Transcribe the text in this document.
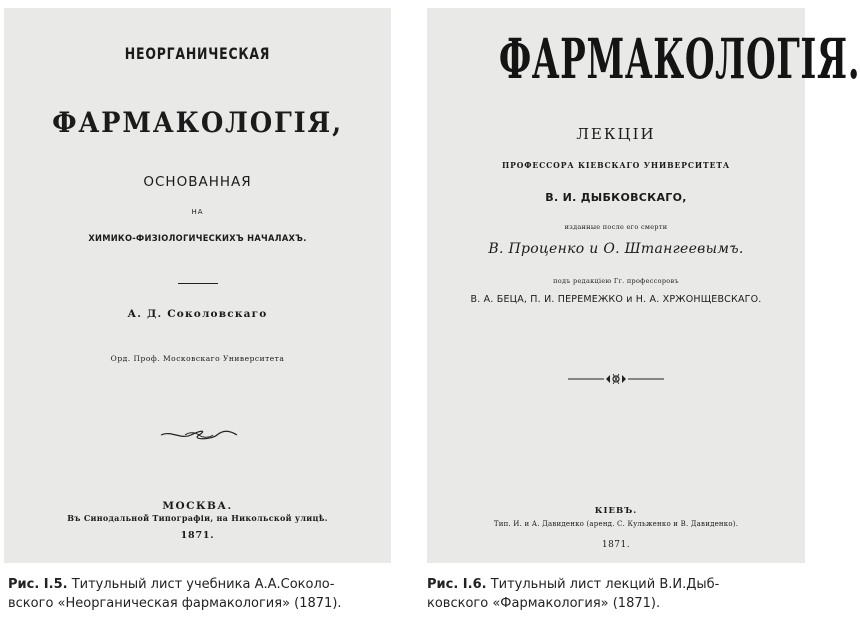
НЕОРГАНИЧЕСКАЯ

ФАРМАКОЛОГІЯ,

ОСНОВАННАЯ

НА

ХИМИКО-ФИЗІОЛОГИЧЕСКИХЪ НАЧАЛАХЪ.

А. Д. Соколовскаго

Орд. Проф. Московскаго Университета

МОСКВА.

Въ Синодальной Типографіи, на Никольской улицѣ.

1871.

ФАРМАКОЛОГІЯ.

ЛЕКЦІИ

ПРОФЕССОРА КІЕВСКАГО УНИВЕРСИТЕТА

В. И. ДЫБКОВСКАГО,

изданные после его смерти

В. Проценко и О. Штангеевымъ.

подъ редакціею Гг. профессоровъ

В. А. БЕЦА, П. И. ПЕРЕМЕЖКО и Н. А. ХРЖОНЩЕВСКАГО.

КІЕВЪ.

Тип. И. и А. Давиденко (аренд. С. Кульженко и В. Давиденко).

1871.

Рис. I.5. Титульный лист учебника А.А.Соколо-
вского «Неорганическая фармакология» (1871).
Рис. I.6. Титульный лист лекций В.И.Дыб-
ковского «Фармакология» (1871).
